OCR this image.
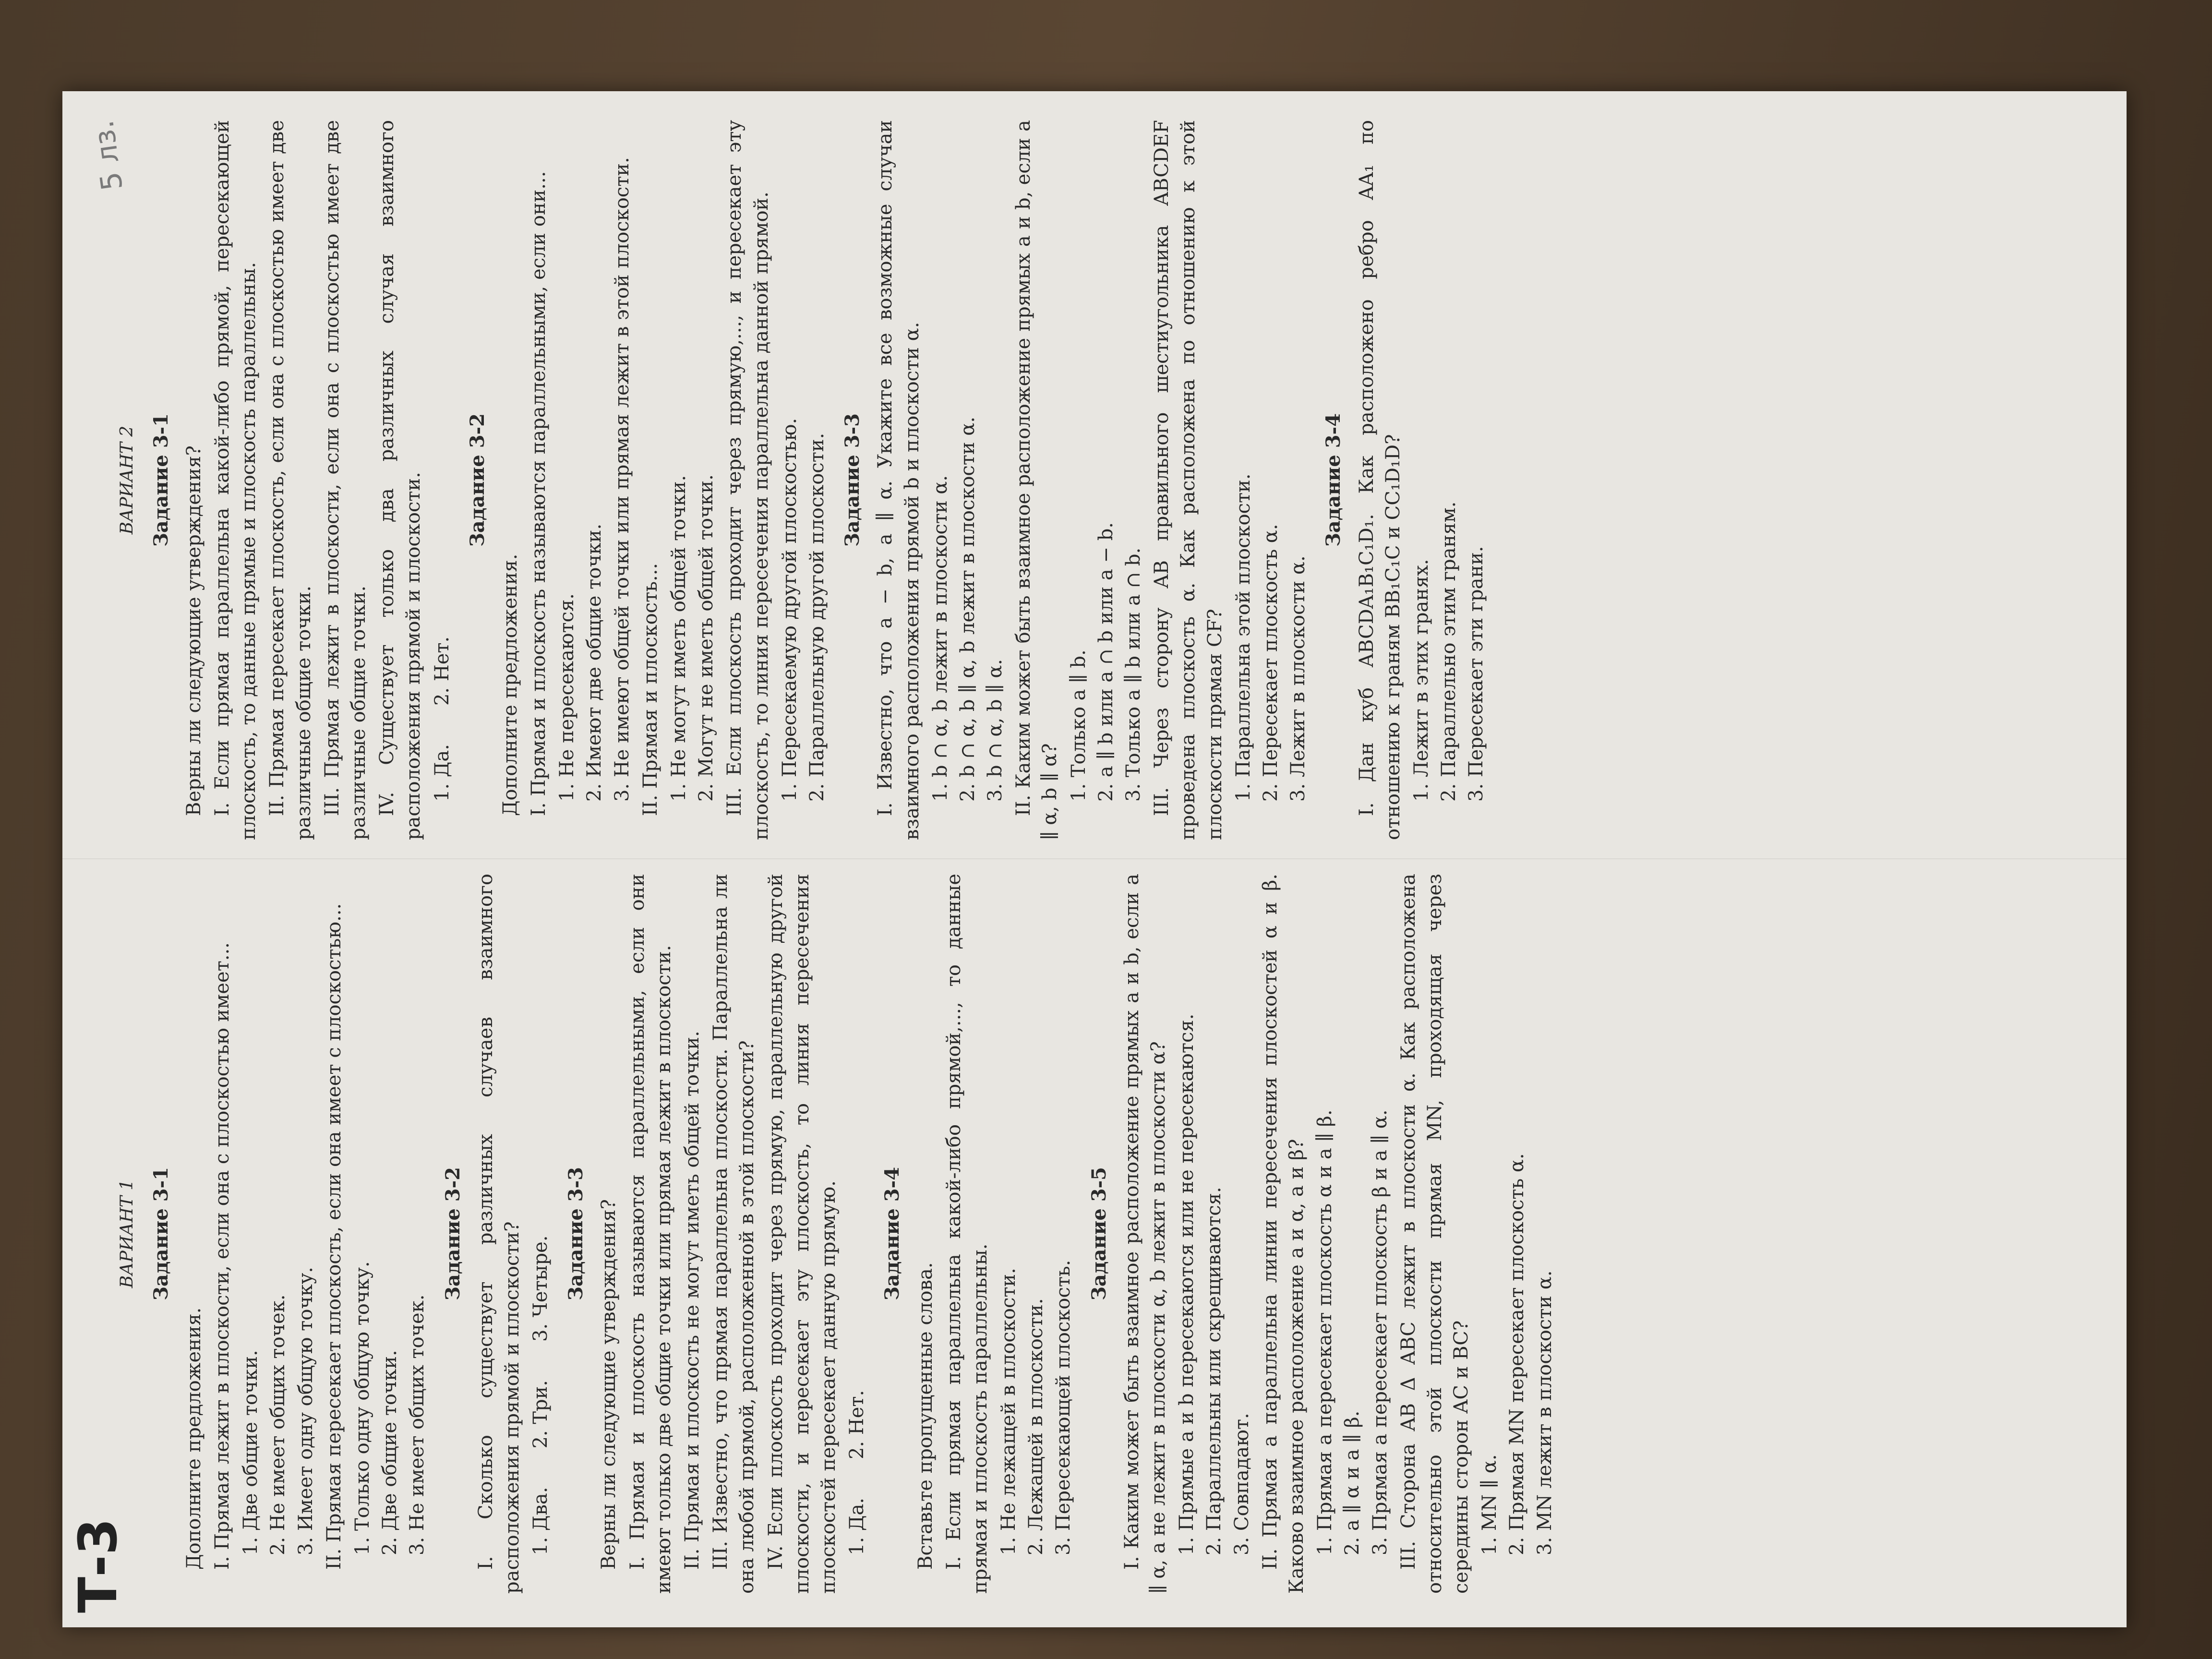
Т-3
5 лз.
ВАРИАНТ 1 Задание 3-1

Дополните предложения. I. Прямая лежит в плоскости, если она с плоскостью имеет... 1. Две общие точки. 2. Не имеет общих точек. 3. Имеет одну общую точку. II. Прямая пересекает плоскость, если она имеет с плоскостью... 1. Только одну общую точку. 2. Две общие точки. 3. Не имеет общих точек.
Задание 3-2 I. Сколько существует различных случаев взаимного расположения прямой и плоскости? 1. Два.
2. Три.
3. Четыре. Задание 3-3 Верны ли следующие утверждения? I. Прямая и плоскость называются параллельными, если они имеют только две общие точки или прямая лежит в плоскости. II. Прямая и плоскость не могут иметь общей точки. III. Известно, что прямая параллельна плоскости. Параллельна ли она любой прямой, расположенной в этой плоскости? IV. Если плоскость проходит через прямую, параллельную другой плоскости, и пересекает эту плоскость, то линия пересечения плоскостей пересекает данную прямую. 1. Да.
2. Нет.
Задание 3-4

Вставьте пропущенные слова. I. Если прямая параллельна какой-либо прямой,..., то данные прямая и плоскость параллельны. 1. Не лежащей в плоскости. 2. Лежащей в плоскости. 3. Пересекающей плоскость.
Задание 3-5 I. Каким может быть взаимное расположение прямых a и b, если a ∥ α, a не лежит в плоскости α, b лежит в плоскости α? 1. Прямые a и b пересекаются или не пересекаются. 2. Параллельны или скрещиваются. 3. Совпадают. II. Прямая a параллельна линии пересечения плоскостей α и β. Каково взаимное расположение a и α, a и β? 1. Прямая a пересекает плоскость α и a ∥ β. 2. a ∥ α и a ∥ β. 3. Прямая a пересекает плоскость β и a ∥ α. III. Сторона AB Δ ABC лежит в плоскости α. Как расположена относительно этой плоскости прямая MN, проходящая через середины сторон AC и BC? 1. MN ∥ α. 2. Прямая MN пересекает плоскость α. 3. MN лежит в плоскости α.
ВАРИАНТ 2 Задание 3-1 Верны ли следующие утверждения? I. Если прямая параллельна какой-либо прямой, пересекающей плоскость, то данные прямые и плоскость параллельны. II. Прямая пересекает плоскость, если она с плоскостью имеет две различные общие точки. III. Прямая лежит в плоскости, если она с плоскостью имеет две различные общие точки. IV. Существует только два различных случая взаимного расположения прямой и плоскости. 1. Да.
2. Нет.
Задание 3-2

Дополните предложения. I. Прямая и плоскость называются параллельными, если они... 1. Не пересекаются. 2. Имеют две общие точки. 3. Не имеют общей точки или прямая лежит в этой плоскости. II. Прямая и плоскость... 1. Не могут иметь общей точки. 2. Могут не иметь общей точки. III. Если плоскость проходит через прямую,..., и пересекает эту плоскость, то линия пересечения параллельна данной прямой. 1. Пересекаемую другой плоскостью. 2. Параллельную другой плоскости. Задание 3-3 I. Известно, что a − b, a ∥ α. Укажите все возможные случаи взаимного расположения прямой b и плоскости α. 1. b ∩ α, b лежит в плоскости α. 2. b ∩ α, b ∥ α, b лежит в плоскости α. 3. b ∩ α, b ∥ α. II. Каким может быть взаимное расположение прямых a и b, если a ∥ α, b ∥ α? 1. Только a ∥ b. 2. a ∥ b или a ∩ b или a − b. 3. Только a ∥ b или a ∩ b. III. Через сторону AB правильного шестиугольника ABCDEF проведена плоскость α. Как расположена по отношению к этой плоскости прямая CF? 1. Параллельна этой плоскости. 2. Пересекает плоскость α. 3. Лежит в плоскости α.
Задание 3-4 I. Дан куб ABCDA₁B₁C₁D₁. Как расположено ребро AA₁ по отношению к граням BB₁C₁C и CC₁D₁D? 1. Лежит в этих гранях. 2. Параллельно этим граням. 3. Пересекает эти грани.
